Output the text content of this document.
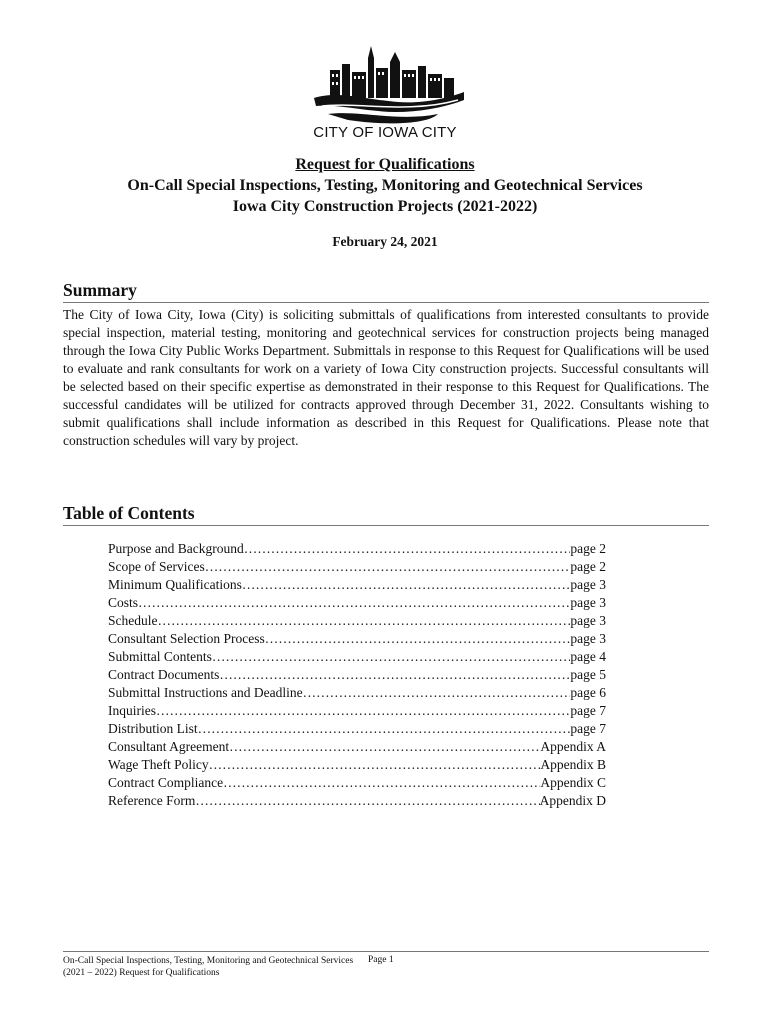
CITY OF IOWA CITY
Request for Qualifications
On-Call Special Inspections, Testing, Monitoring and Geotechnical Services
Iowa City Construction Projects (2021-2022)
February 24, 2021
Summary

The City of Iowa City, Iowa (City) is soliciting submittals of qualifications from interested consultants to provide special inspection, material testing, monitoring and geotechnical services for construction projects being managed through the Iowa City Public Works Department. Submittals in response to this Request for Qualifications will be used to evaluate and rank consultants for work on a variety of Iowa City construction projects. Successful consultants will be selected based on their specific expertise as demonstrated in their response to this Request for Qualifications. The successful candidates will be utilized for contracts approved through December 31, 2022. Consultants wishing to submit qualifications shall include information as described in this Request for Qualifications. Please note that construction schedules will vary by project.

Table of Contents
Purpose and Background ………………………………………………………………………………………………………………………………	page 2
Scope of Services ………………………………………………………………………………………………………………………………	page 2
Minimum Qualifications ………………………………………………………………………………………………………………………………	page 3
Costs ………………………………………………………………………………………………………………………………	page 3
Schedule ………………………………………………………………………………………………………………………………	page 3
Consultant Selection Process ………………………………………………………………………………………………………………………………	page 3
Submittal Contents ………………………………………………………………………………………………………………………………	page 4
Contract Documents ………………………………………………………………………………………………………………………………	page 5
Submittal Instructions and Deadline ………………………………………………………………………………………………………………………………	page 6
Inquiries ………………………………………………………………………………………………………………………………	page 7
Distribution List ………………………………………………………………………………………………………………………………	page 7
Consultant Agreement ………………………………………………………………………………………………………………………………	Appendix A
Wage Theft Policy ………………………………………………………………………………………………………………………………	Appendix B
Contract Compliance ………………………………………………………………………………………………………………………………	Appendix C
Reference Form ………………………………………………………………………………………………………………………………	Appendix D
On-Call Special Inspections, Testing, Monitoring and Geotechnical Services (2021 – 2022) Request for Qualifications
Page 1
